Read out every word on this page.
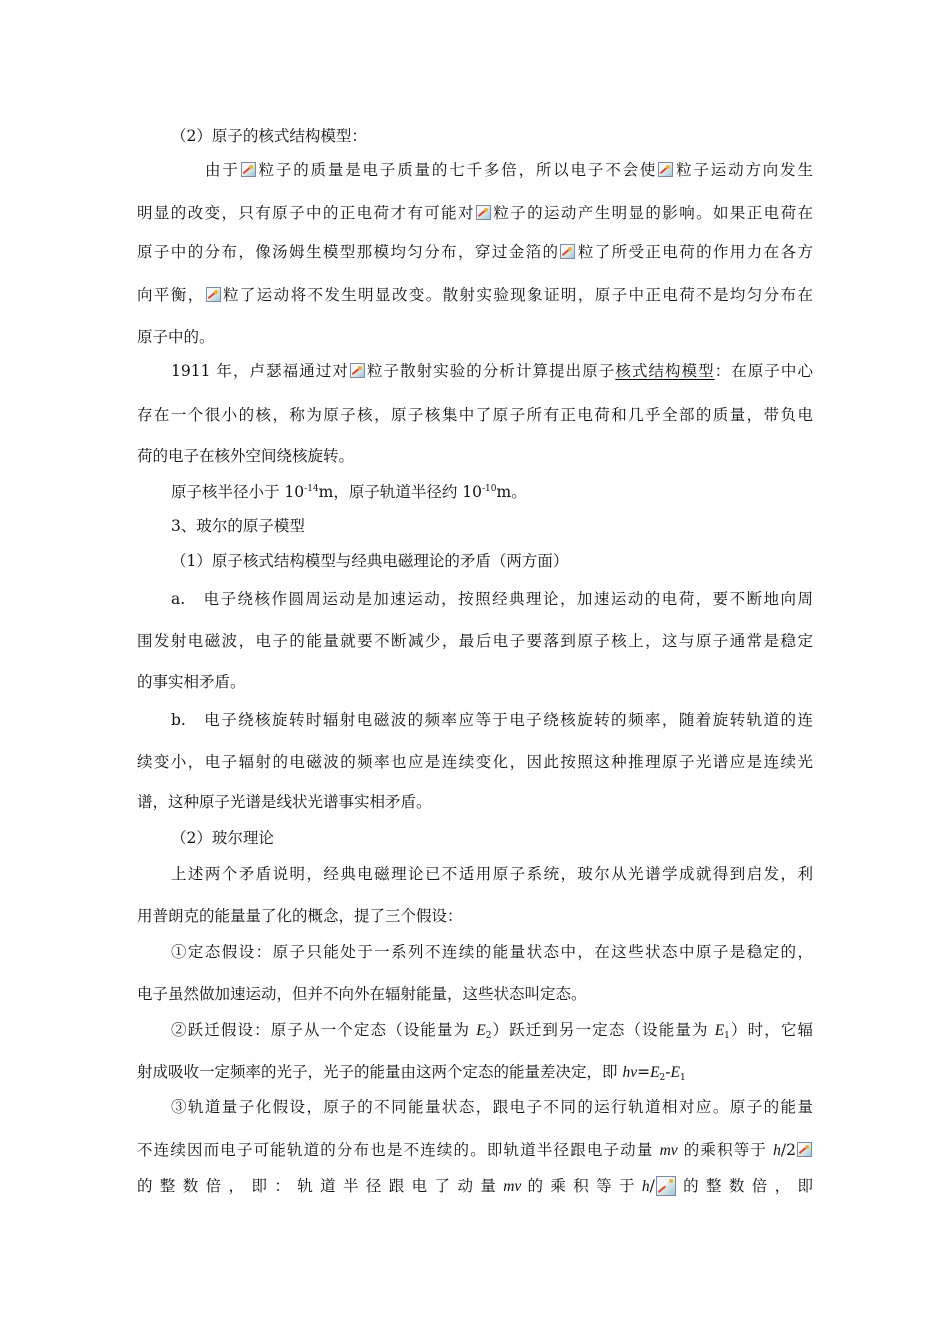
（2）原子的核式结构模型：
由于 粒子的质量是电子质量的七千多倍，所以电子不会使 粒子运动方向发生
明显的改变，只有原子中的正电荷才有可能对 粒子的运动产生明显的影响。如果正电荷在
原子中的分布，像汤姆生模型那模均匀分布，穿过金箔的 粒了所受正电荷的作用力在各方
向平衡， 粒了运动将不发生明显改变。散射实验现象证明，原子中正电荷不是均匀分布在
原子中的。
1911 年，卢瑟福通过对 粒子散射实验的分析计算提出原子核式结构模型：在原子中心
存在一个很小的核，称为原子核，原子核集中了原子所有正电荷和几乎全部的质量，带负电
荷的电子在核外空间绕核旋转。
原子核半径小于 $10^{-14}m$，原子轨道半径约 $10^{-10}m$。
3、玻尔的原子模型
（1）原子核式结构模型与经典电磁理论的矛盾（两方面）
a.　电子绕核作圆周运动是加速运动，按照经典理论，加速运动的电荷，要不断地向周
围发射电磁波，电子的能量就要不断减少，最后电子要落到原子核上，这与原子通常是稳定
的事实相矛盾。
b.　电子绕核旋转时辐射电磁波的频率应等于电子绕核旋转的频率，随着旋转轨道的连
续变小，电子辐射的电磁波的频率也应是连续变化，因此按照这种推理原子光谱应是连续光
谱，这种原子光谱是线状光谱事实相矛盾。
（2）玻尔理论
上述两个矛盾说明，经典电磁理论已不适用原子系统，玻尔从光谱学成就得到启发，利
用普朗克的能量量了化的概念，提了三个假设：
①定态假设：原子只能处于一系列不连续的能量状态中，在这些状态中原子是稳定的，
电子虽然做加速运动，但并不向外在辐射能量，这些状态叫定态。
②跃迁假设：原子从一个定态（设能量为 $E_2$）跃迁到另一定态（设能量为 $E_1$）时，它辐
射成吸收一定频率的光子，光子的能量由这两个定态的能量差决定，即 $hv=E_2-E_1$
③轨道量子化假设，原子的不同能量状态，跟电子不同的运行轨道相对应。原子的能量
不连续因而电子可能轨道的分布也是不连续的。即轨道半径跟电子动量 mv 的乘积等于 h/2
的 整 数 倍 ， 即 ： 轨 道 半 径 跟 电 了 动 量 mv 的 乘 积 等 于 h/ 的 整 数 倍 ， 即
